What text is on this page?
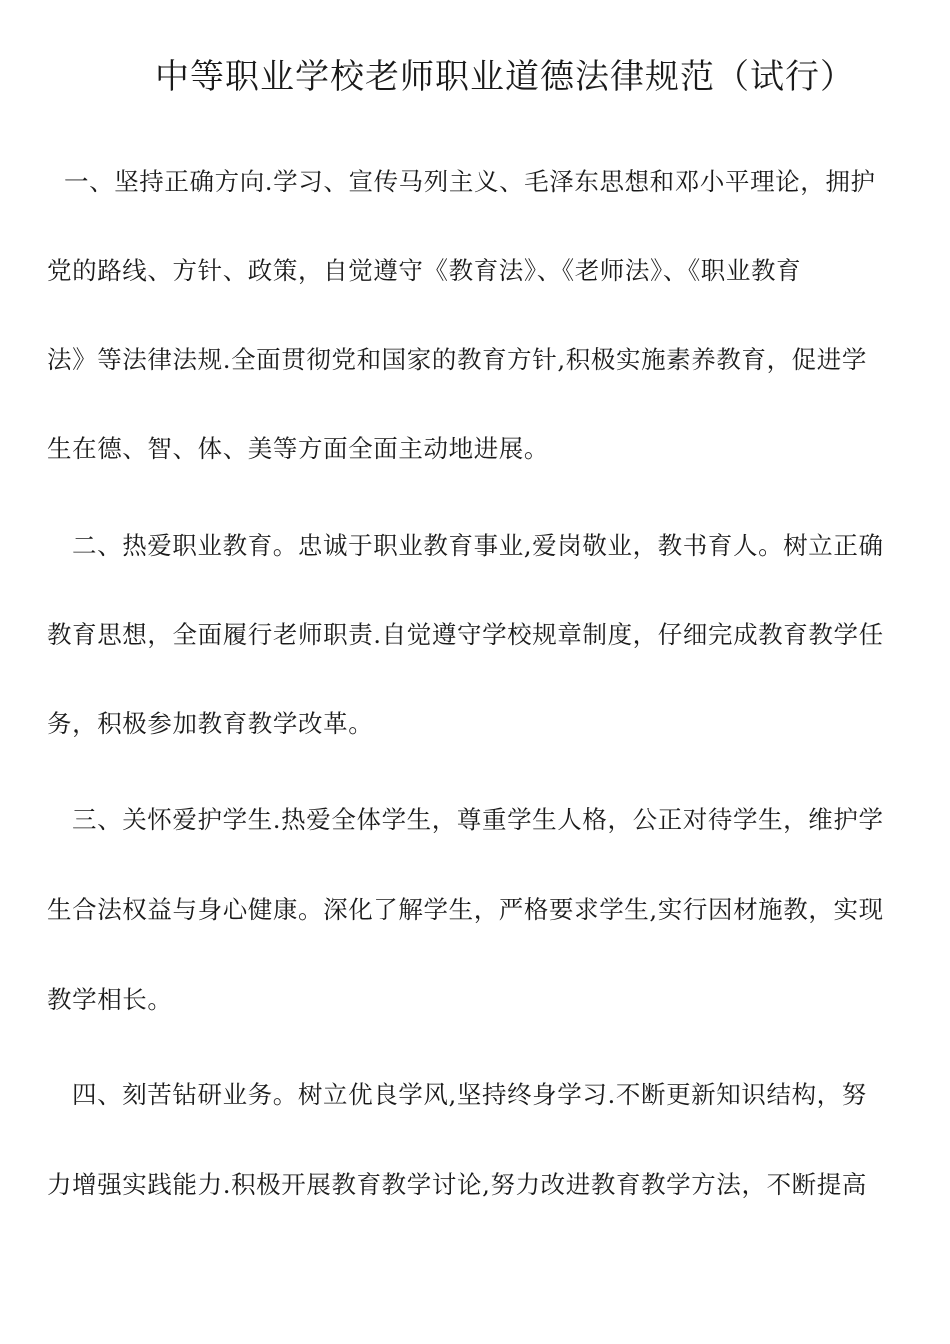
中等职业学校老师职业道德法律规范（试行）

一、坚持正确方向.学习、宣传马列主义、毛泽东思想和邓小平理论，拥护

党的路线、方针、政策，自觉遵守《教育法》、《老师法》、《职业教育

法》等法律法规.全面贯彻党和国家的教育方针,积极实施素养教育，促进学

生在德、智、体、美等方面全面主动地进展。

二、热爱职业教育。忠诚于职业教育事业,爱岗敬业，教书育人。树立正确

教育思想，全面履行老师职责.自觉遵守学校规章制度，仔细完成教育教学任

务，积极参加教育教学改革。

三、关怀爱护学生.热爱全体学生，尊重学生人格，公正对待学生，维护学

生合法权益与身心健康。深化了解学生，严格要求学生,实行因材施教，实现

教学相长。

四、刻苦钻研业务。树立优良学风,坚持终身学习.不断更新知识结构，努

力增强实践能力.积极开展教育教学讨论,努力改进教育教学方法，不断提高
